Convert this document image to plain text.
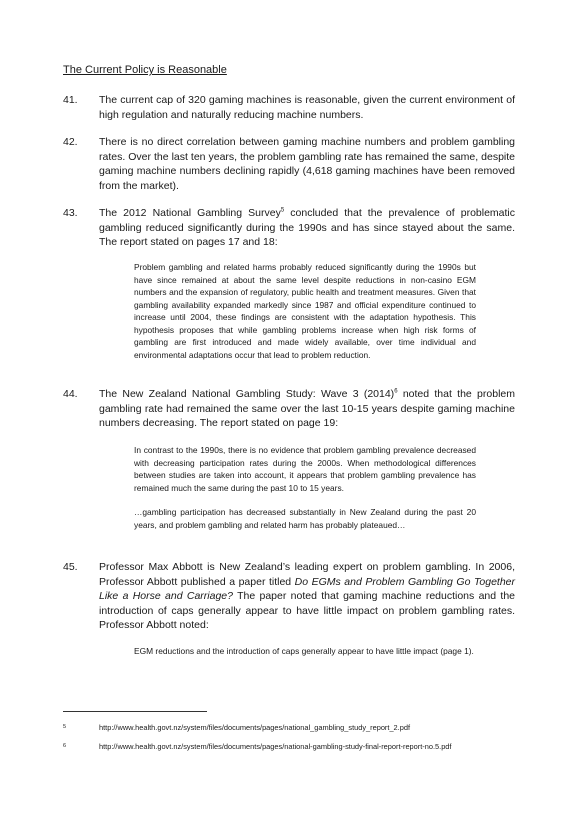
The Current Policy is Reasonable
41. The current cap of 320 gaming machines is reasonable, given the current environment of high regulation and naturally reducing machine numbers.
42. There is no direct correlation between gaming machine numbers and problem gambling rates. Over the last ten years, the problem gambling rate has remained the same, despite gaming machine numbers declining rapidly (4,618 gaming machines have been removed from the market).
43. The 2012 National Gambling Survey$^5$ concluded that the prevalence of problematic gambling reduced significantly during the 1990s and has since stayed about the same. The report stated on pages 17 and 18:

Problem gambling and related harms probably reduced significantly during the 1990s but have since remained at about the same level despite reductions in non-casino EGM numbers and the expansion of regulatory, public health and treatment measures. Given that gambling availability expanded markedly since 1987 and official expenditure continued to increase until 2004, these findings are consistent with the adaptation hypothesis. This hypothesis proposes that while gambling problems increase when high risk forms of gambling are first introduced and made widely available, over time individual and environmental adaptations occur that lead to problem reduction.

44. The New Zealand National Gambling Study: Wave 3 $(2014)^6$ noted that the problem gambling rate had remained the same over the last 10-15 years despite gaming machine numbers decreasing. The report stated on page 19:

In contrast to the 1990s, there is no evidence that problem gambling prevalence decreased with decreasing participation rates during the 2000s. When methodological differences between studies are taken into account, it appears that problem gambling prevalence has remained much the same during the past 10 to 15 years.

…gambling participation has decreased substantially in New Zealand during the past 20 years, and problem gambling and related harm has probably plateaued…

45. Professor Max Abbott is New Zealand’s leading expert on problem gambling. In 2006, Professor Abbott published a paper titled Do EGMs and Problem Gambling Go Together Like a Horse and Carriage? The paper noted that gaming machine reductions and the introduction of caps generally appear to have little impact on problem gambling rates. Professor Abbott noted:

EGM reductions and the introduction of caps generally appear to have little impact (page 1).

5	http://www.health.govt.nz/system/files/documents/pages/national_gambling_study_report_2.pdf
6	http://www.health.govt.nz/system/files/documents/pages/national-gambling-study-final-report-report-no.5.pdf
